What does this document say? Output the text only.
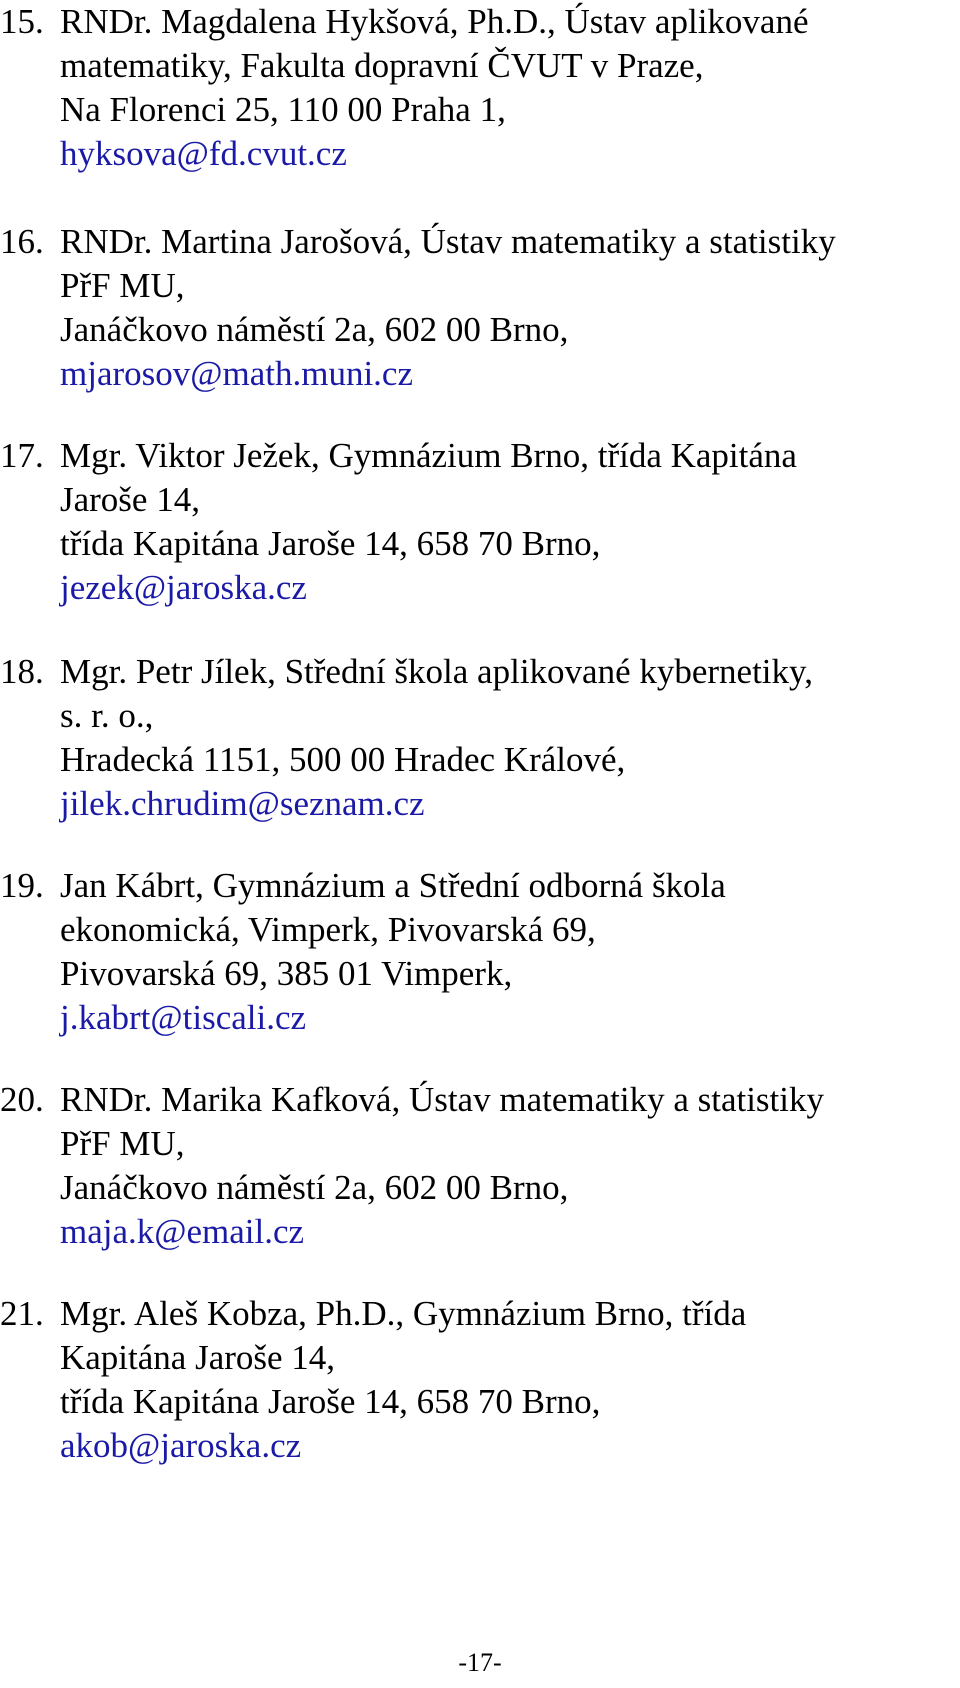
15. RNDr. Magdalena Hykšová, Ph.D., Ústav aplikované
matematiky, Fakulta dopravní ČVUT v Praze,
Na Florenci 25, 110 00 Praha 1,
hyksova@fd.cvut.cz
16. RNDr. Martina Jarošová, Ústav matematiky a statistiky
PřF MU,
Janáčkovo náměstí 2a, 602 00 Brno,
mjarosov@math.muni.cz
17. Mgr. Viktor Ježek, Gymnázium Brno, třída Kapitána
Jaroše 14,
třída Kapitána Jaroše 14, 658 70 Brno,
jezek@jaroska.cz
18. Mgr. Petr Jílek, Střední škola aplikované kybernetiky,
s. r. o.,
Hradecká 1151, 500 00 Hradec Králové,
jilek.chrudim@seznam.cz
19. Jan Kábrt, Gymnázium a Střední odborná škola
ekonomická, Vimperk, Pivovarská 69,
Pivovarská 69, 385 01 Vimperk,
j.kabrt@tiscali.cz
20. RNDr. Marika Kafková, Ústav matematiky a statistiky
PřF MU,
Janáčkovo náměstí 2a, 602 00 Brno,
maja.k@email.cz
21. Mgr. Aleš Kobza, Ph.D., Gymnázium Brno, třída
Kapitána Jaroše 14,
třída Kapitána Jaroše 14, 658 70 Brno,
akob@jaroska.cz
-17-
